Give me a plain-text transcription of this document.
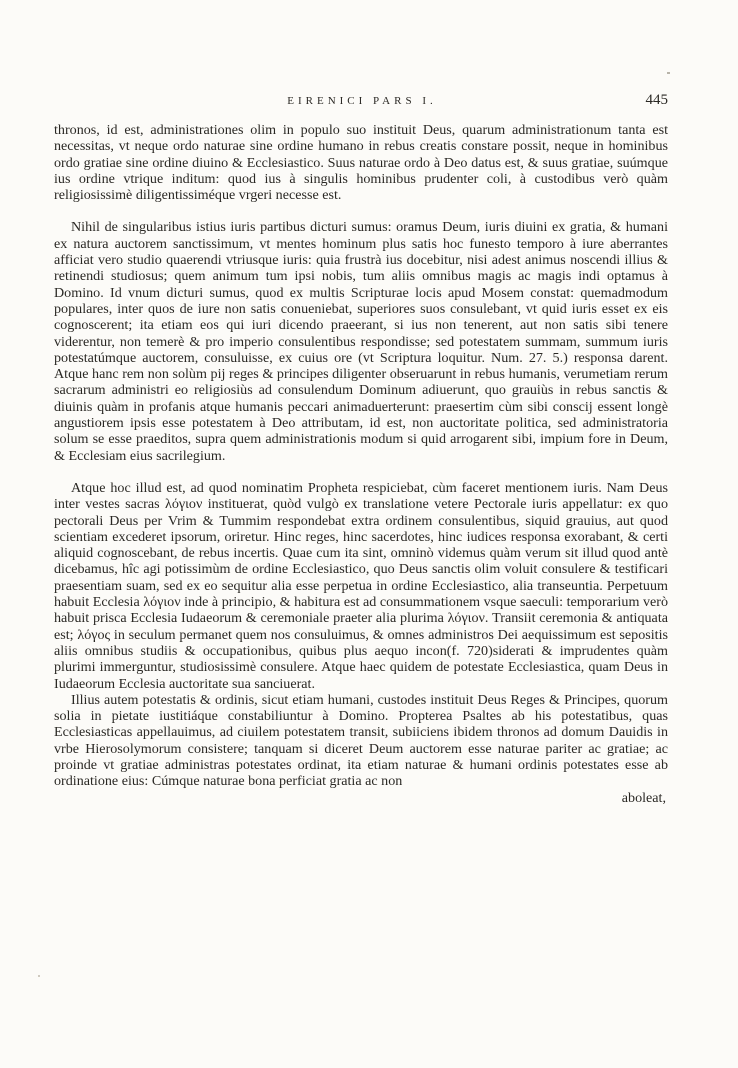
EIRENICI PARS I.	445

thronos, id est, administrationes olim in populo suo instituit Deus, quarum administrationum tanta est necessitas, vt neque ordo naturae sine ordine humano in rebus creatis constare possit, neque in hominibus ordo gratiae sine ordine diuino & Ecclesiastico. Suus naturae ordo à Deo datus est, & suus gratiae, suúmque ius ordine vtrique inditum: quod ius à singulis hominibus prudenter coli, à custodibus verò quàm religiosissimè diligentissiméque vrgeri necesse est.

Nihil de singularibus istius iuris partibus dicturi sumus: oramus Deum, iuris diuini ex gratia, & humani ex natura auctorem sanctissimum, vt mentes hominum plus satis hoc funesto temporo à iure aberrantes afficiat vero studio quaerendi vtriusque iuris: quia frustrà ius docebitur, nisi adest animus noscendi illius & retinendi studiosus; quem animum tum ipsi nobis, tum aliis omnibus magis ac magis indi optamus à Domino. Id vnum dicturi sumus, quod ex multis Scripturae locis apud Mosem constat: quemadmodum populares, inter quos de iure non satis conueniebat, superiores suos consulebant, vt quid iuris esset ex eis cognoscerent; ita etiam eos qui iuri dicendo praeerant, si ius non tenerent, aut non satis sibi tenere viderentur, non temerè & pro imperio consulentibus respondisse; sed potestatem summam, summum iuris potestatúmque auctorem, consuluisse, ex cuius ore (vt Scriptura loquitur. Num. 27. 5.) responsa darent. Atque hanc rem non solùm pij reges & principes diligenter obseruarunt in rebus humanis, verumetiam rerum sacrarum administri eo religiosiùs ad consulendum Dominum adiuerunt, quo grauiùs in rebus sanctis & diuinis quàm in profanis atque humanis peccari animaduerterunt: praesertim cùm sibi conscij essent longè angustiorem ipsis esse potestatem à Deo attributam, id est, non auctoritate politica, sed administratoria solum se esse praeditos, supra quem administrationis modum si quid arrogarent sibi, impium fore in Deum, & Ecclesiam eius sacrilegium.

Atque hoc illud est, ad quod nominatim Propheta respiciebat, cùm faceret mentionem iuris. Nam Deus inter vestes sacras λόγιον instituerat, quòd vulgò ex translatione vetere Pectorale iuris appellatur: ex quo pectorali Deus per Vrim & Tummim respondebat extra ordinem consulentibus, siquid grauius, aut quod scientiam excederet ipsorum, oriretur. Hinc reges, hinc sacerdotes, hinc iudices responsa exorabant, & certi aliquid cognoscebant, de rebus incertis. Quae cum ita sint, omninò videmus quàm verum sit illud quod antè dicebamus, hîc agi potissimùm de ordine Ecclesiastico, quo Deus sanctis olim voluit consulere & testificari praesentiam suam, sed ex eo sequitur alia esse perpetua in ordine Ecclesiastico, alia transeuntia. Perpetuum habuit Ecclesia λόγιον inde à principio, & habitura est ad consummationem vsque saeculi: temporarium verò habuit prisca Ecclesia Iudaeorum & ceremoniale praeter alia plurima λόγιον. Transiit ceremonia & antiquata est; λόγος in seculum permanet quem nos consuluimus, & omnes administros Dei aequissimum est sepositis aliis omnibus studiis & occupationibus, quibus plus aequo incon(f. 720)siderati & imprudentes quàm plurimi immerguntur, studiosissimè consulere. Atque haec quidem de potestate Ecclesiastica, quam Deus in Iudaeorum Ecclesia auctoritate sua sanciuerat.

Illius autem potestatis & ordinis, sicut etiam humani, custodes instituit Deus Reges & Principes, quorum solia in pietate iustitiáque constabiliuntur à Domino. Propterea Psaltes ab his potestatibus, quas Ecclesiasticas appellauimus, ad ciuilem potestatem transit, subiiciens ibidem thronos ad domum Dauidis in vrbe Hierosolymorum consistere; tanquam si diceret Deum auctorem esse naturae pariter ac gratiae; ac proinde vt gratiae administras potestates ordinat, ita etiam naturae & humani ordinis potestates esse ab ordinatione eius: Cúmque naturae bona perficiat gratia ac non

aboleat,
